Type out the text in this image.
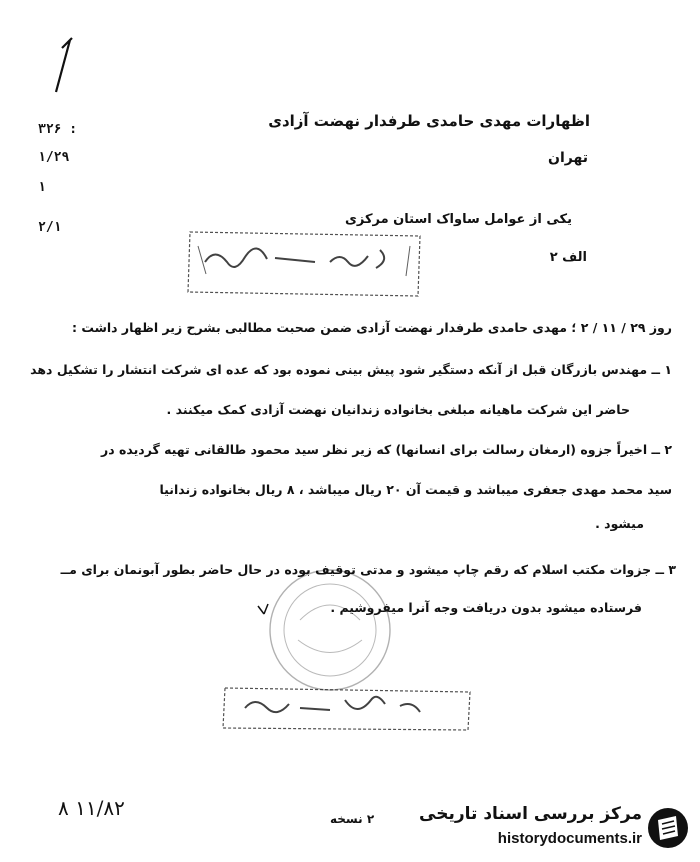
اظهارات مهدی حامدی طرفدار نهضت آزادی
تهران
یکی از عوامل ساواک استان مرکزی
الف ۲
۳۲۶ :
۱/۲۹
۱
۲/۱
روز ۲۹ / ۱۱ / ۲ ؛ مهدی حامدی طرفدار نهضت آزادی ضمن صحبت مطالبی بشرح زیر اظهار داشت :
۱ ــ مهندس بازرگان قبل از آنکه دستگیر شود پیش بینی نموده بود که عده ای شرکت انتشار را تشکیل دهد
حاضر این شرکت ماهیانه مبلغی بخانواده زندانیان نهضت آزادی کمک میکنند .
۲ ــ اخیراً جزوه (ارمغان رسالت برای انسانها) که زیر نظر سید محمود طالقانی تهیه گردیده در
سید محمد مهدی جعفری میباشد و قیمت آن ۲۰ ریال میباشد ، ۸ ریال بخانواده زندانیا
میشود .
۳ ــ جزوات مکتب اسلام که رقم چاپ میشود و مدتی توقیف بوده در حال حاضر بطور آبونمان برای مــ
فرستاده میشود بدون دریافت وجه آنرا میفروشیم .
۸ ۱۱/۸۲	۲ نسخه	مرکز بررسی اسناد تاریخی
historydocuments.ir
